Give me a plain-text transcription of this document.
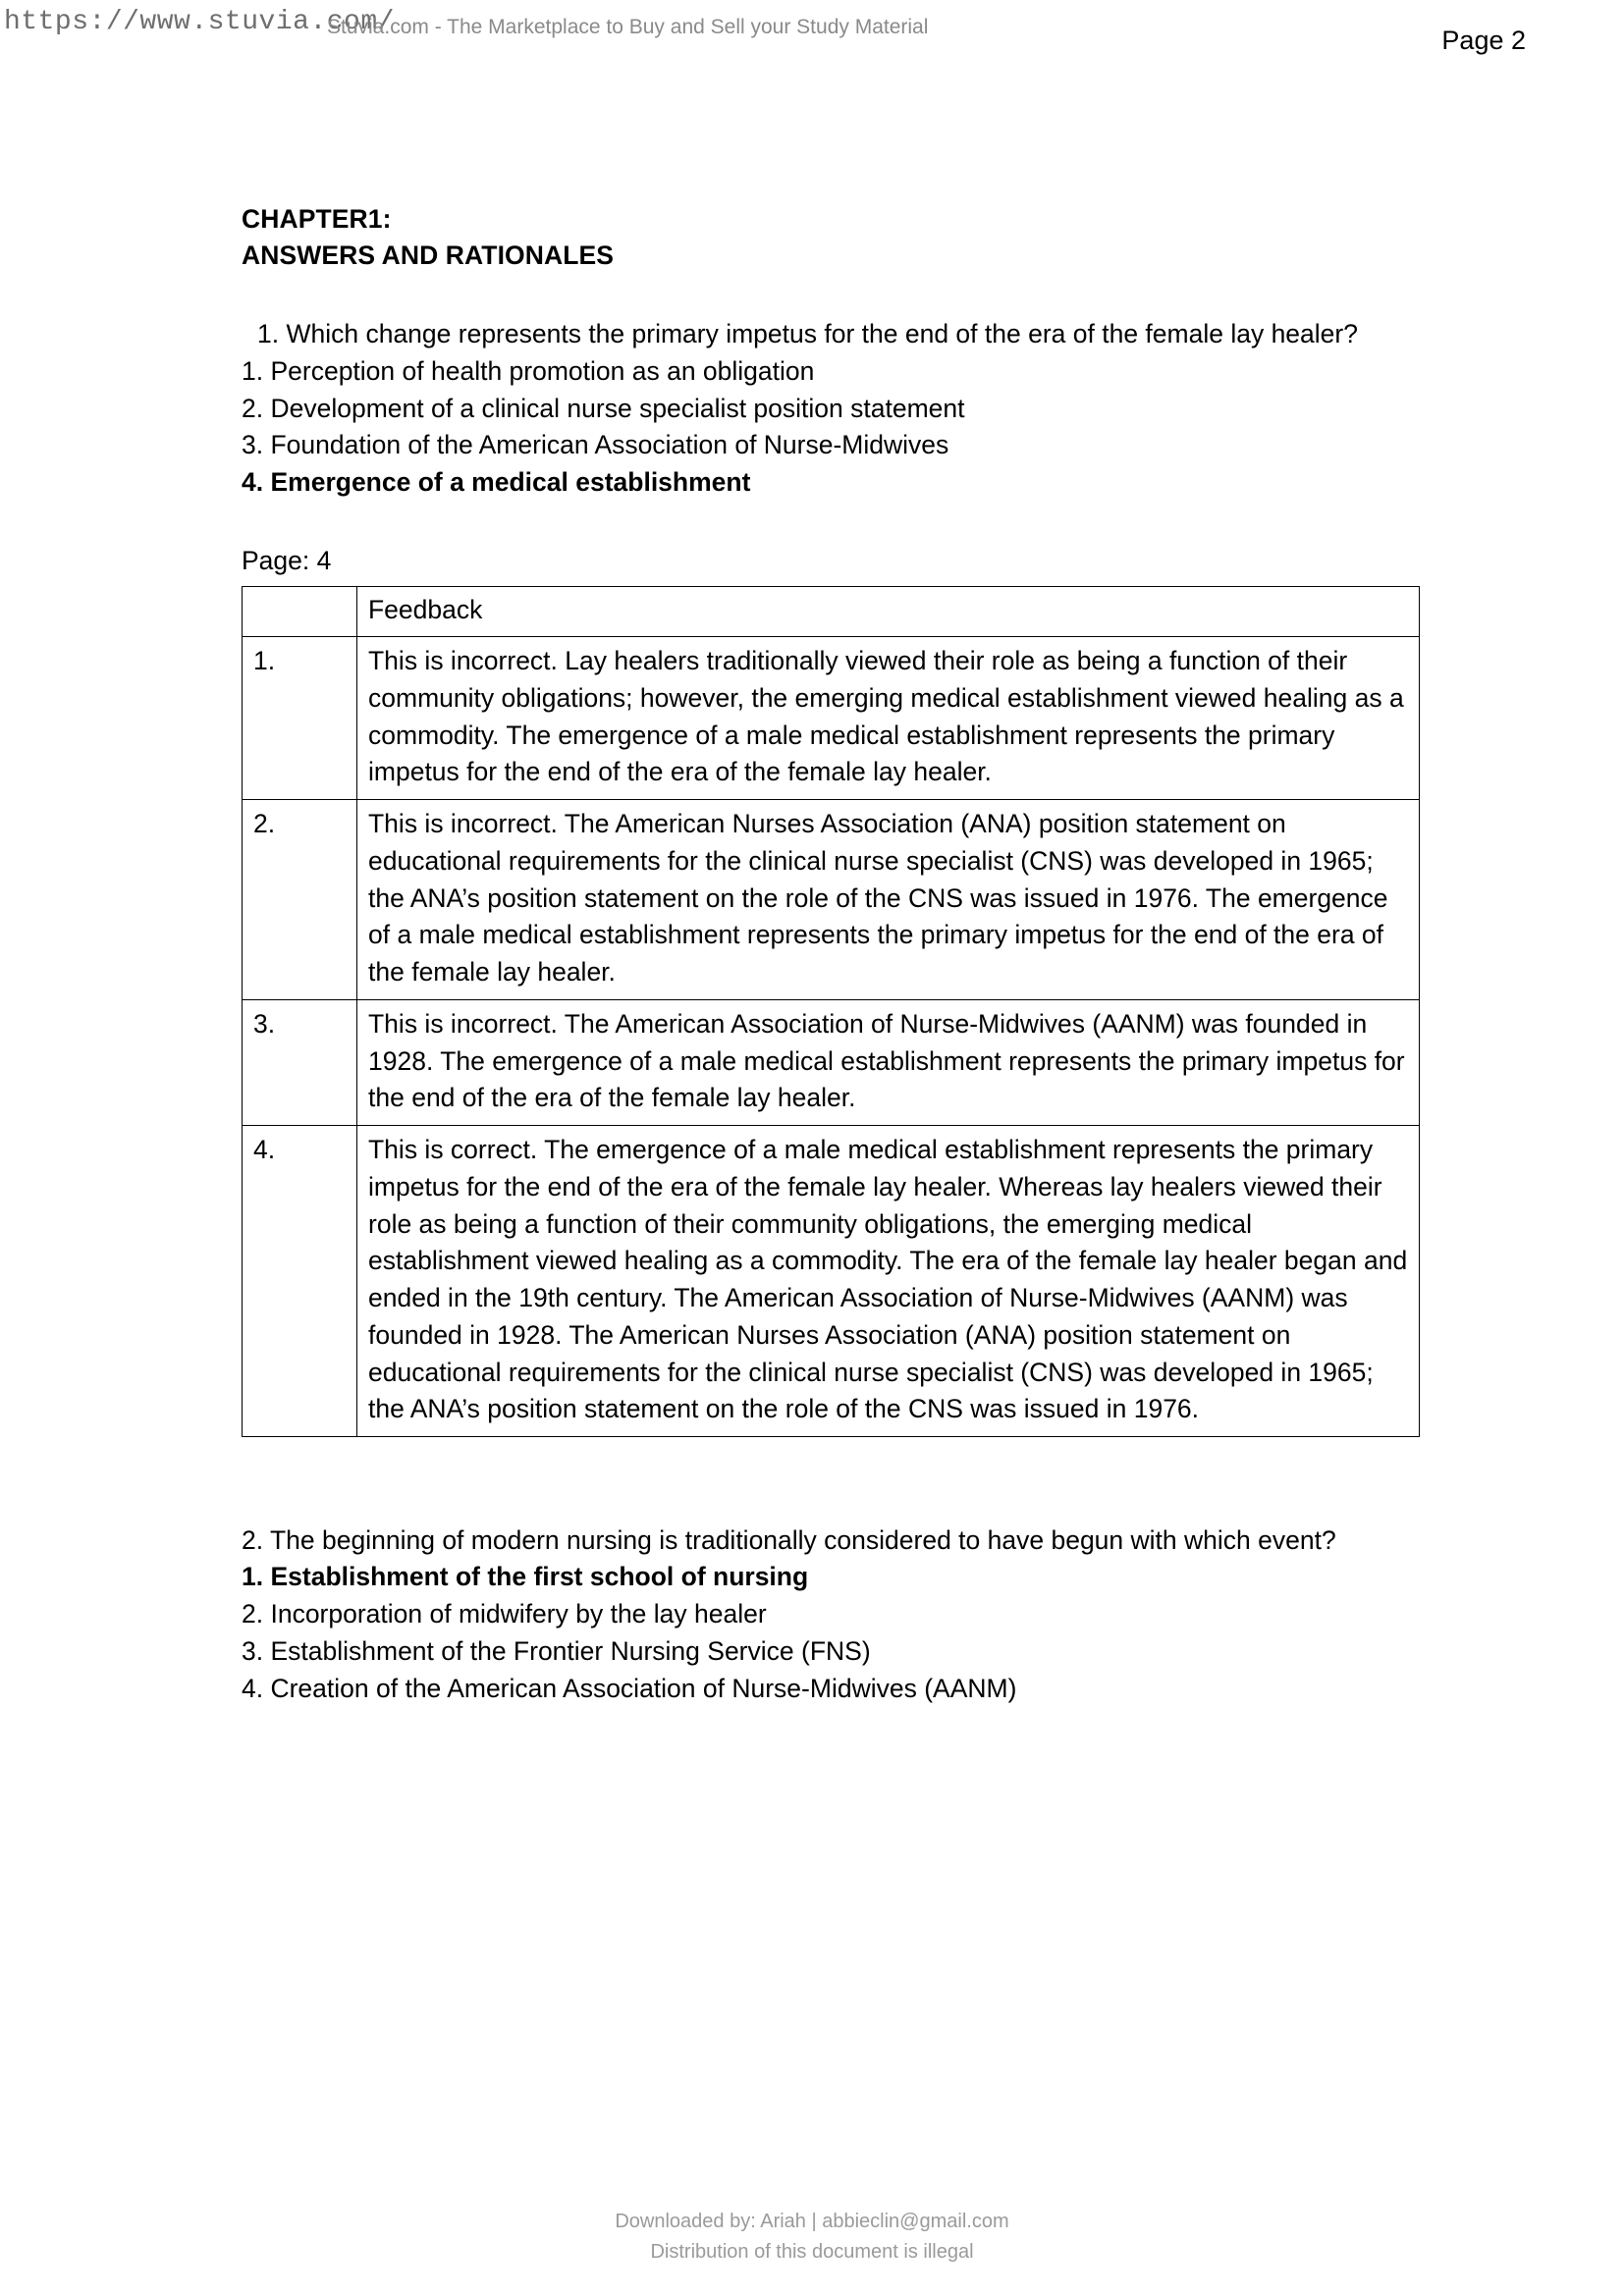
https://www.stuvia.com/
Stuvia.com - The Marketplace to Buy and Sell your Study Material	Page 2
CHAPTER1:
ANSWERS AND RATIONALES
1. Which change represents the primary impetus for the end of the era of the female lay healer?
1. Perception of health promotion as an obligation
2. Development of a clinical nurse specialist position statement
3. Foundation of the American Association of Nurse-Midwives
4. Emergence of a medical establishment
Page: 4
	Feedback
1.	This is incorrect. Lay healers traditionally viewed their role as being a function of their community obligations; however, the emerging medical establishment viewed healing as a commodity. The emergence of a male medical establishment represents the primary impetus for the end of the era of the female lay healer.
2.	This is incorrect. The American Nurses Association (ANA) position statement on educational requirements for the clinical nurse specialist (CNS) was developed in 1965; the ANA’s position statement on the role of the CNS was issued in 1976. The emergence of a male medical establishment represents the primary impetus for the end of the era of the female lay healer.
3.	This is incorrect. The American Association of Nurse-Midwives (AANM) was founded in 1928. The emergence of a male medical establishment represents the primary impetus for the end of the era of the female lay healer.
4.	This is correct. The emergence of a male medical establishment represents the primary impetus for the end of the era of the female lay healer. Whereas lay healers viewed their role as being a function of their community obligations, the emerging medical establishment viewed healing as a commodity. The era of the female lay healer began and ended in the 19th century. The American Association of Nurse-Midwives (AANM) was founded in 1928. The American Nurses Association (ANA) position statement on educational requirements for the clinical nurse specialist (CNS) was developed in 1965; the ANA’s position statement on the role of the CNS was issued in 1976.
2. The beginning of modern nursing is traditionally considered to have begun with which event?
1. Establishment of the first school of nursing
2. Incorporation of midwifery by the lay healer
3. Establishment of the Frontier Nursing Service (FNS)
4. Creation of the American Association of Nurse-Midwives (AANM)
Downloaded by: Ariah | abbieclin@gmail.com
Distribution of this document is illegal
